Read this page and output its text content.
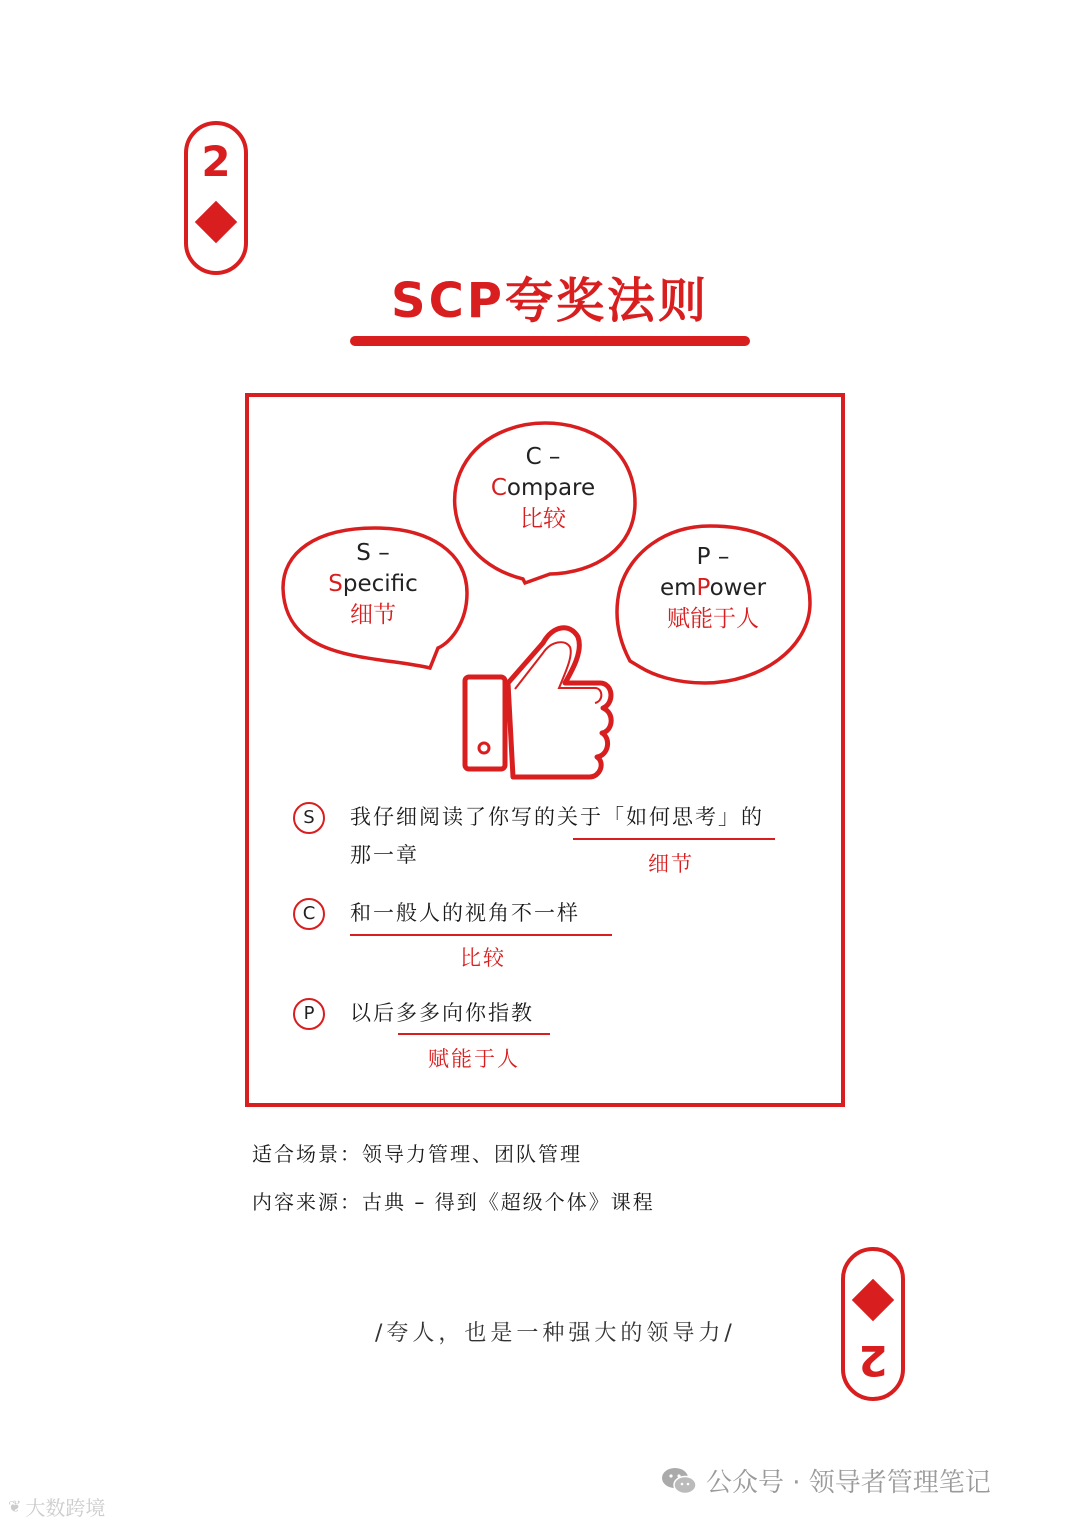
2
SCP夸奖法则
C –
Compare
比较
S –
Specific
细节
P –
emPower
赋能于人
S	我仔细阅读了你写的关于「如何思考」的
那一章	细节
C	和一般人的视角不一样
比较
P	以后多多向你指教
赋能于人
适合场景：领导力管理、团队管理
内容来源：古典 – 得到《超级个体》课程
/夸人，也是一种强大的领导力/
2
公众号 · 领导者管理笔记
❦ 大数跨境
